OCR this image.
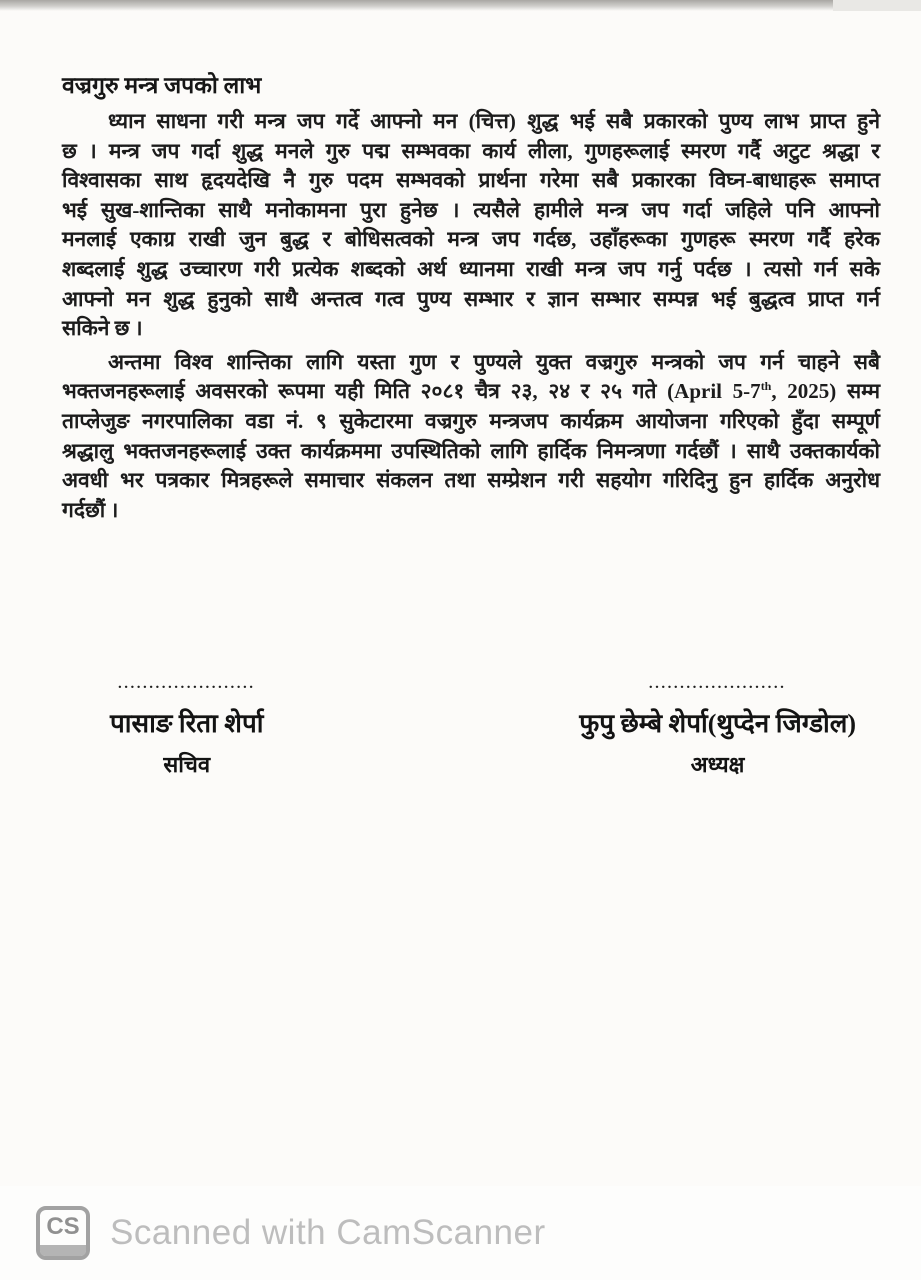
वज्रगुरु मन्त्र जपको लाभ
ध्यान साधना गरी मन्त्र जप गर्दे आफ्नो मन (चित्त) शुद्ध भई सबै प्रकारको पुण्य लाभ प्राप्त हुने
छ । मन्त्र जप गर्दा शुद्ध मनले गुरु पद्म सम्भवका कार्य लीला, गुणहरूलाई स्मरण गर्दै अटुट श्रद्धा र
विश्वासका साथ हृदयदेखि नै गुरु पदम सम्भवको प्रार्थना गरेमा सबै प्रकारका विघ्न-बाधाहरू समाप्त
भई सुख-शान्तिका साथै मनोकामना पुरा हुनेछ । त्यसैले हामीले मन्त्र जप गर्दा जहिले पनि आफ्नो
मनलाई एकाग्र राखी जुन बुद्ध र बोधिसत्वको मन्त्र जप गर्दछ, उहाँहरूका गुणहरू स्मरण गर्दै हरेक
शब्दलाई शुद्ध उच्चारण गरी प्रत्येक शब्दको अर्थ ध्यानमा राखी मन्त्र जप गर्नु पर्दछ । त्यसो गर्न सके
आफ्नो मन शुद्ध हुनुको साथै अन्तत्व गत्व पुण्य सम्भार र ज्ञान सम्भार सम्पन्न भई बुद्धत्व प्राप्त गर्न
सकिने छ ।
अन्तमा विश्व शान्तिका लागि यस्ता गुण र पुण्यले युक्त वज्रगुरु मन्त्रको जप गर्न चाहने सबै
भक्तजनहरूलाई अवसरको रूपमा यही मिति २०८१ चैत्र २३, २४ र २५ गते (April 5-7th, 2025) सम्म
ताप्लेजुङ नगरपालिका वडा नं. ९ सुकेटारमा वज्रगुरु मन्त्रजप कार्यक्रम आयोजना गरिएको हुँदा सम्पूर्ण
श्रद्धालु भक्तजनहरूलाई उक्त कार्यक्रममा उपस्थितिको लागि हार्दिक निमन्त्रणा गर्दछौं । साथै उक्तकार्यको
अवधी भर पत्रकार मित्रहरूले समाचार संकलन तथा सम्प्रेशन गरी सहयोग गरिदिनु हुन हार्दिक अनुरोध
गर्दछौं ।
......................
पासाङ रिता शेर्पा
सचिव
......................
फुपु छेम्बे शेर्पा(थुप्देन जिग्डोल)
अध्यक्ष
CS Scanned with CamScanner
